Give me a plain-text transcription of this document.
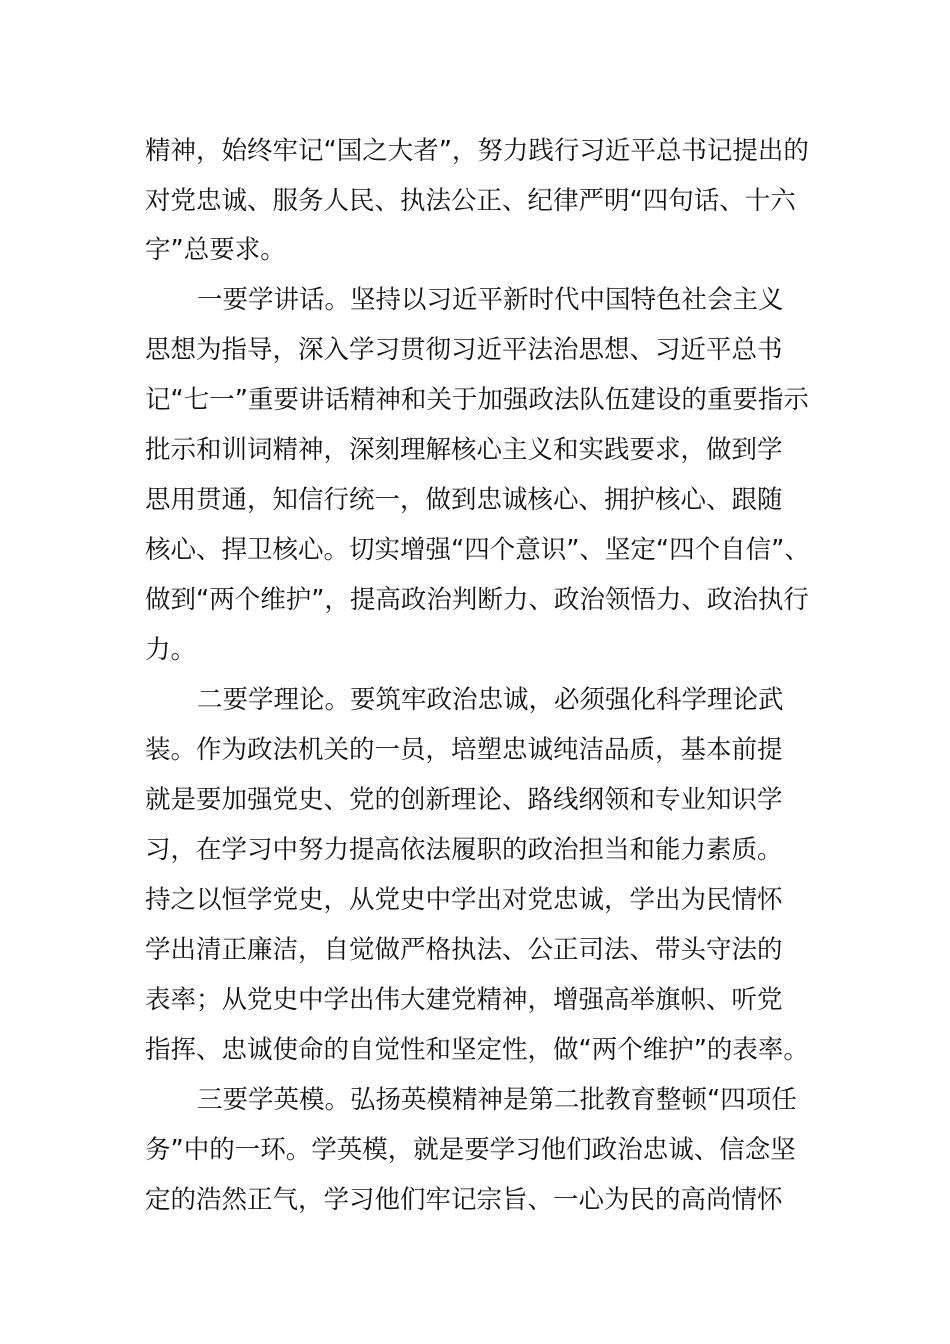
精神，始终牢记“国之大者”，努力践行习近平总书记提出的
对党忠诚、服务人民、执法公正、纪律严明“四句话、十六
字”总要求。
一要学讲话。坚持以习近平新时代中国特色社会主义
思想为指导，深入学习贯彻习近平法治思想、习近平总书
记“七一”重要讲话精神和关于加强政法队伍建设的重要指示
批示和训词精神，深刻理解核心主义和实践要求，做到学
思用贯通，知信行统一，做到忠诚核心、拥护核心、跟随
核心、捍卫核心。切实增强“四个意识”、坚定“四个自信”、
做到“两个维护”，提高政治判断力、政治领悟力、政治执行
力。
二要学理论。要筑牢政治忠诚，必须强化科学理论武
装。作为政法机关的一员，培塑忠诚纯洁品质，基本前提
就是要加强党史、党的创新理论、路线纲领和专业知识学
习，在学习中努力提高依法履职的政治担当和能力素质。
持之以恒学党史，从党史中学出对党忠诚，学出为民情怀
学出清正廉洁，自觉做严格执法、公正司法、带头守法的
表率；从党史中学出伟大建党精神，增强高举旗帜、听党
指挥、忠诚使命的自觉性和坚定性，做“两个维护”的表率。
三要学英模。弘扬英模精神是第二批教育整顿“四项任
务”中的一环。学英模，就是要学习他们政治忠诚、信念坚
定的浩然正气，学习他们牢记宗旨、一心为民的高尚情怀
